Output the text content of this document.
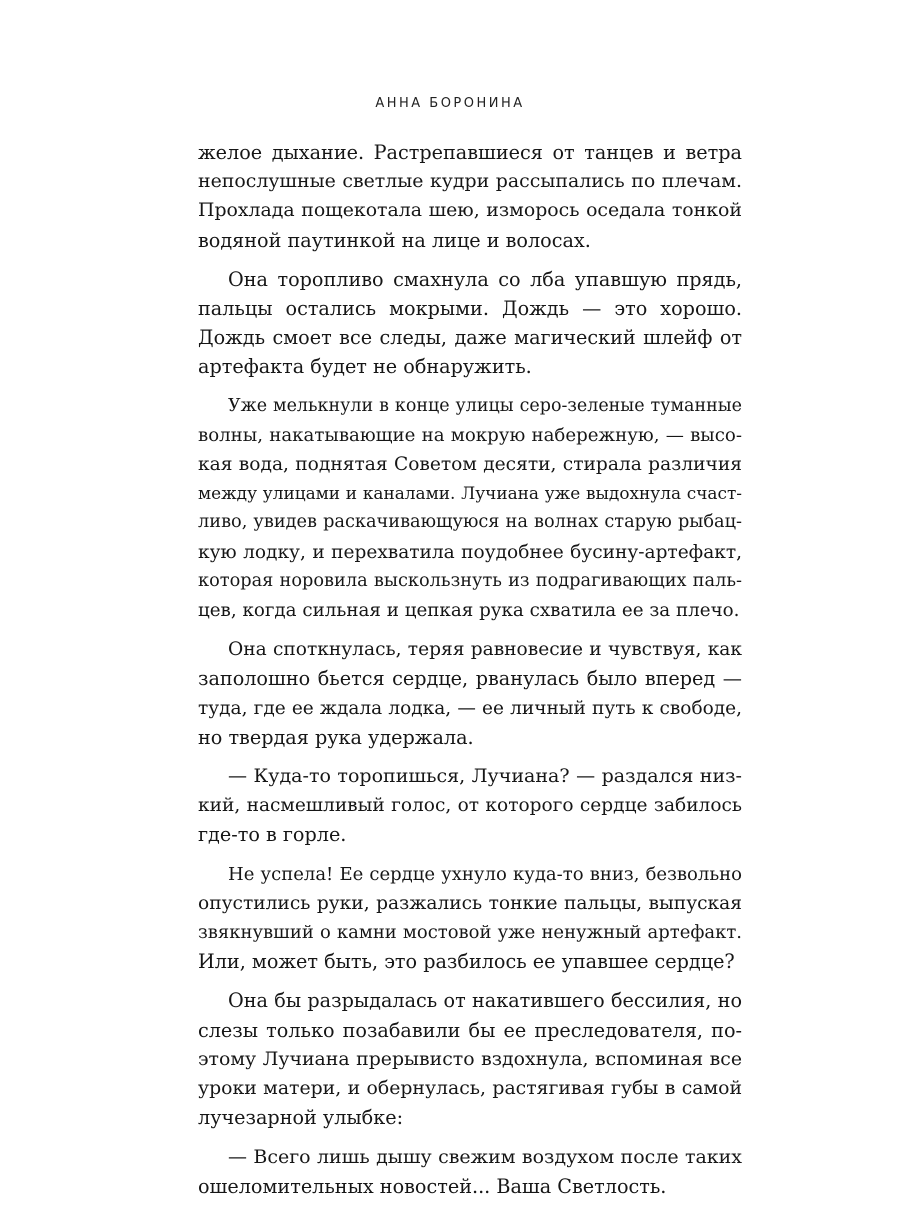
АННА БОРОНИНА

желое дыхание. Растрепавшиеся от танцев и ветра
непослушные светлые кудри рассыпались по плечам.
Прохлада пощекотала шею, изморось оседала тонкой
водяной паутинкой на лице и волосах.

Она торопливо смахнула со лба упавшую прядь,
пальцы остались мокрыми. Дождь — это хорошо.
Дождь смоет все следы, даже магический шлейф от
артефакта будет не обнаружить.

Уже мелькнули в конце улицы серо-зеленые туманные
волны, накатывающие на мокрую набережную, — высо-
кая вода, поднятая Советом десяти, стирала различия
между улицами и каналами. Лучиана уже выдохнула счаст-
ливо, увидев раскачивающуюся на волнах старую рыбац-
кую лодку, и перехватила поудобнее бусину-артефакт,
которая норовила выскользнуть из подрагивающих паль-
цев, когда сильная и цепкая рука схватила ее за плечо.

Она споткнулась, теряя равновесие и чувствуя, как
заполошно бьется сердце, рванулась было вперед —
туда, где ее ждала лодка, — ее личный путь к свободе,
но твердая рука удержала.

— Куда-то торопишься, Лучиана? — раздался низ-
кий, насмешливый голос, от которого сердце забилось
где-то в горле.

Не успела! Ее сердце ухнуло куда-то вниз, безвольно
опустились руки, разжались тонкие пальцы, выпуская
звякнувший о камни мостовой уже ненужный артефакт.
Или, может быть, это разбилось ее упавшее сердце?

Она бы разрыдалась от накатившего бессилия, но
слезы только позабавили бы ее преследователя, по-
этому Лучиана прерывисто вздохнула, вспоминая все
уроки матери, и обернулась, растягивая губы в самой
лучезарной улыбке:

— Всего лишь дышу свежим воздухом после таких
ошеломительных новостей... Ваша Светлость.
